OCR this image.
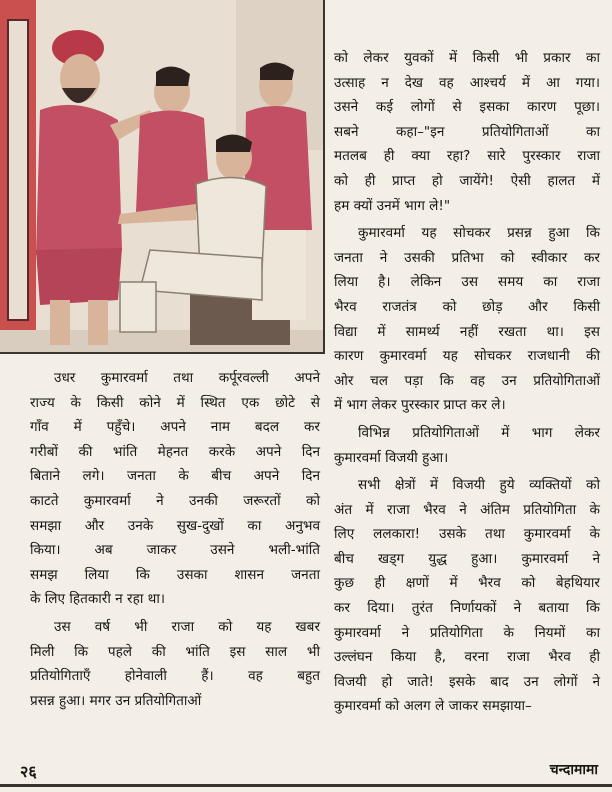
को लेकर युवकों में किसी भी प्रकार का
उत्साह न देख वह आश्चर्य में आ गया।
उसने कई लोगों से इसका कारण पूछा।
सबने कहा–"इन प्रतियोगिताओं का
मतलब ही क्या रहा? सारे पुरस्कार राजा
को ही प्राप्त हो जायेंगे! ऐसी हालत में
हम क्यों उनमें भाग ले!"

कुमारवर्मा यह सोचकर प्रसन्न हुआ कि
जनता ने उसकी प्रतिभा को स्वीकार कर
लिया है। लेकिन उस समय का राजा
भैरव राजतंत्र को छोड़ और किसी
विद्या में सामर्थ्य नहीं रखता था। इस
कारण कुमारवर्मा यह सोचकर राजधानी की
ओर चल पड़ा कि वह उन प्रतियोगिताओं
में भाग लेकर पुरस्कार प्राप्त कर ले।

विभिन्न प्रतियोगिताओं में भाग लेकर
कुमारवर्मा विजयी हुआ।

सभी क्षेत्रों में विजयी हुये व्यक्तियों को
अंत में राजा भैरव ने अंतिम प्रतियोगिता के
लिए ललकारा! उसके तथा कुमारवर्मा के
बीच खड्ग युद्ध हुआ। कुमारवर्मा ने
कुछ ही क्षणों में भैरव को बेहथियार
कर दिया। तुरंत निर्णायकों ने बताया कि
कुमारवर्मा ने प्रतियोगिता के नियमों का
उल्लंघन किया है, वरना राजा भैरव ही
विजयी हो जाते! इसके बाद उन लोगों ने
कुमारवर्मा को अलग ले जाकर समझाया–

उधर कुमारवर्मा तथा कर्पूरवल्ली अपने
राज्य के किसी कोने में स्थित एक छोटे से
गाँव में पहुँचे। अपने नाम बदल कर
गरीबों की भांति मेहनत करके अपने दिन
बिताने लगे। जनता के बीच अपने दिन
काटते कुमारवर्मा ने उनकी जरूरतों को
समझा और उनके सुख-दुखों का अनुभव
किया। अब जाकर उसने भली-भांति
समझ लिया कि उसका शासन जनता
के लिए हितकारी न रहा था।

उस वर्ष भी राजा को यह खबर
मिली कि पहले की भांति इस साल भी
प्रतियोगिताएँ होनेवाली हैं। वह बहुत
प्रसन्न हुआ। मगर उन प्रतियोगिताओं

२६	चन्दामामा
